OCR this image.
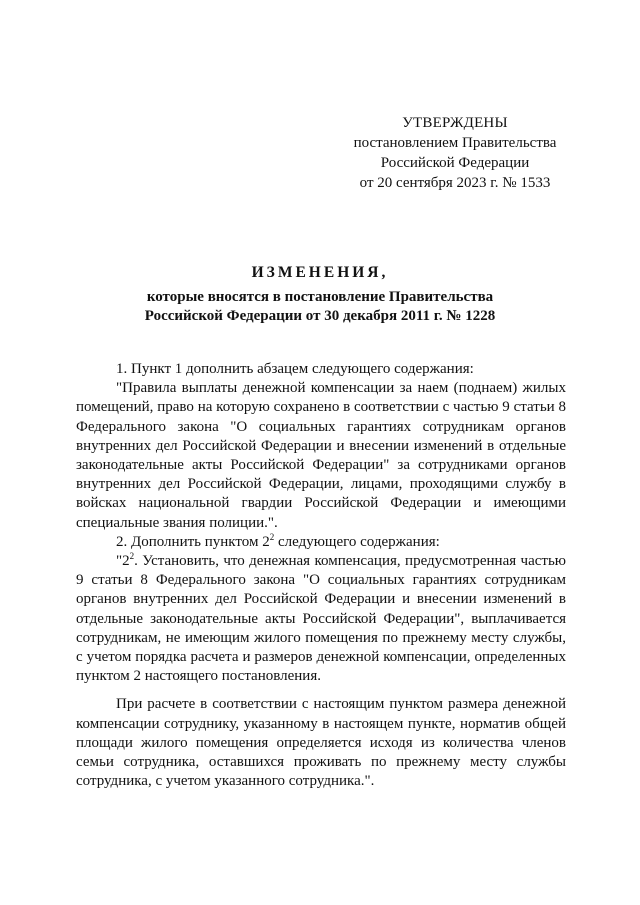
УТВЕРЖДЕНЫ
постановлением Правительства
Российской Федерации
от 20 сентября 2023 г. № 1533
ИЗМЕНЕНИЯ,
которые вносятся в постановление Правительства
Российской Федерации от 30 декабря 2011 г. № 1228

1. Пункт 1 дополнить абзацем следующего содержания:

"Правила выплаты денежной компенсации за наем (поднаем) жилых помещений, право на которую сохранено в соответствии с частью 9 статьи 8 Федерального закона "О социальных гарантиях сотрудникам органов внутренних дел Российской Федерации и внесении изменений в отдельные законодательные акты Российской Федерации" за сотрудниками органов внутренних дел Российской Федерации, лицами, проходящими службу в войсках национальной гвардии Российской Федерации и имеющими специальные звания полиции.".

2. Дополнить пунктом $2^2$ следующего содержания:

"$2^2$. Установить, что денежная компенсация, предусмотренная частью 9 статьи 8 Федерального закона "О социальных гарантиях сотрудникам органов внутренних дел Российской Федерации и внесении изменений в отдельные законодательные акты Российской Федерации", выплачивается сотрудникам, не имеющим жилого помещения по прежнему месту службы, с учетом порядка расчета и размеров денежной компенсации, определенных пунктом 2 настоящего постановления.

При расчете в соответствии с настоящим пунктом размера денежной компенсации сотруднику, указанному в настоящем пункте, норматив общей площади жилого помещения определяется исходя из количества членов семьи сотрудника, оставшихся проживать по прежнему месту службы сотрудника, с учетом указанного сотрудника.".
